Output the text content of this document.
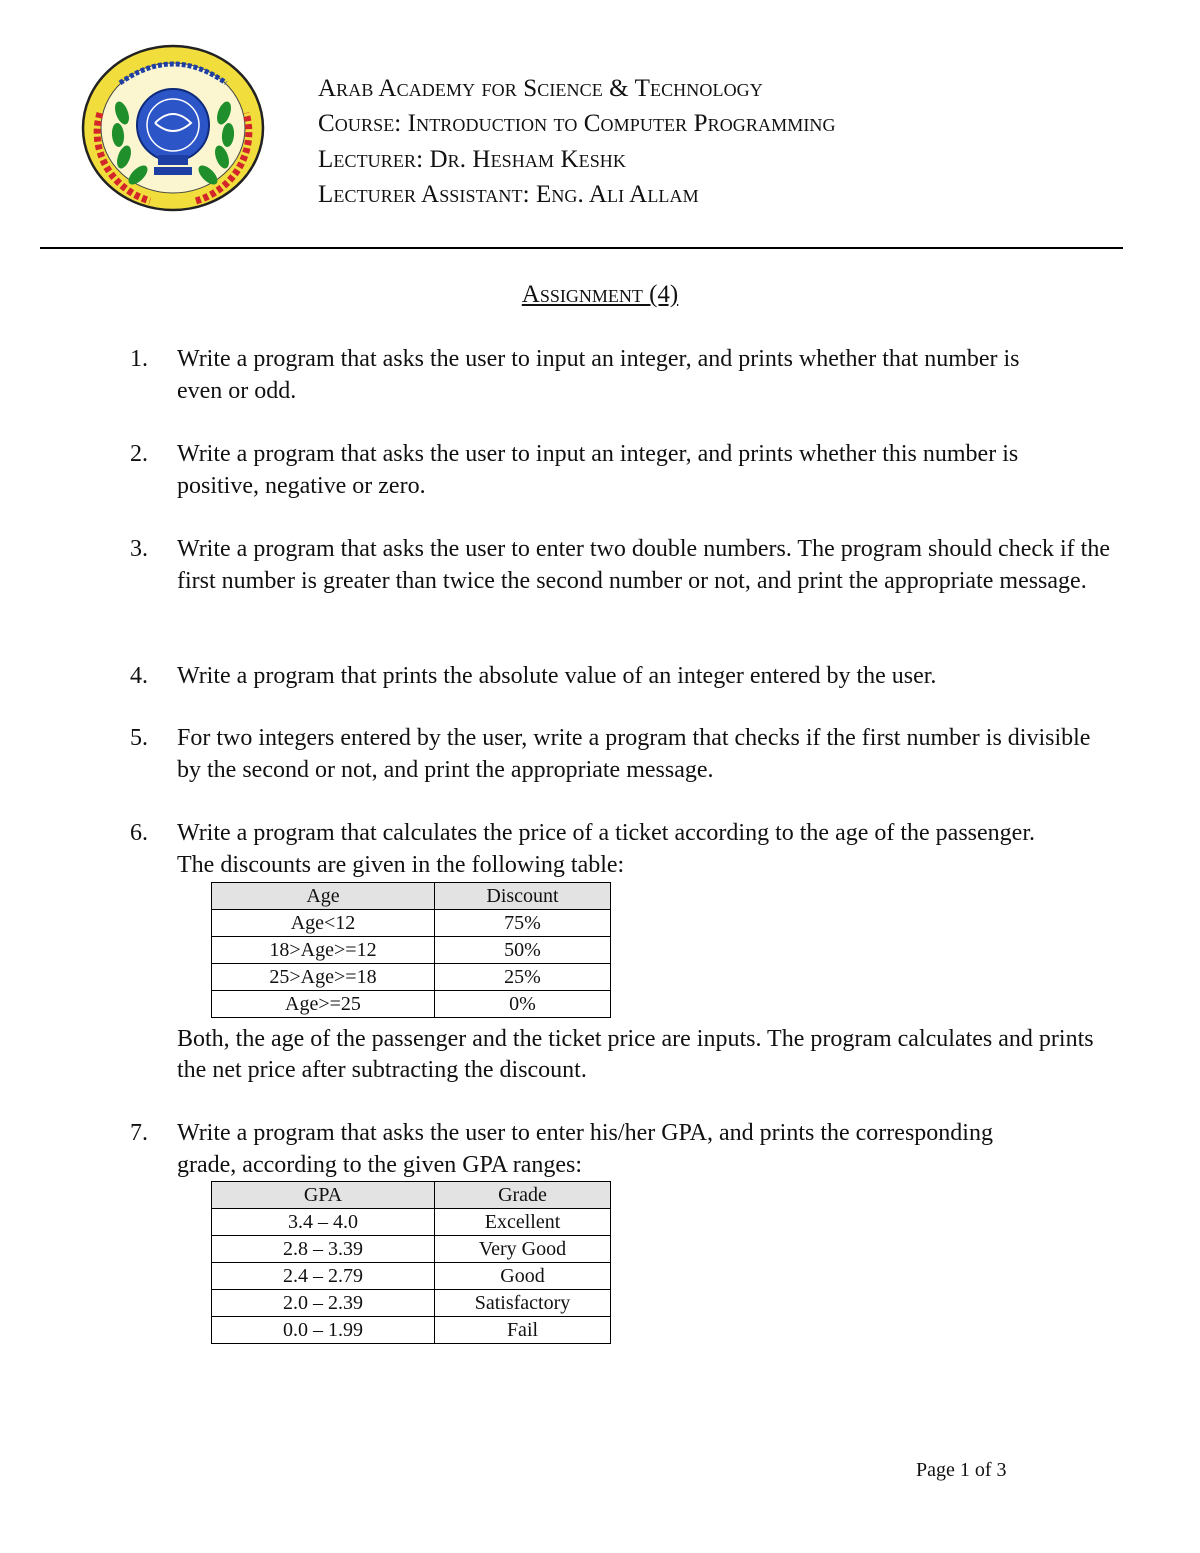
Arab Academy for Science & Technology
Course: Introduction to Computer Programming
Lecturer: Dr. Hesham Keshk
Lecturer Assistant: Eng. Ali Allam
Assignment (4)
1. Write a program that asks the user to input an integer, and prints whether that number is even or odd.
2. Write a program that asks the user to input an integer, and prints whether this number is positive, negative or zero.
3. Write a program that asks the user to enter two double numbers. The program should check if the first number is greater than twice the second number or not, and print the appropriate message.
4. Write a program that prints the absolute value of an integer entered by the user.
5. For two integers entered by the user, write a program that checks if the first number is divisible by the second or not, and print the appropriate message.
6. Write a program that calculates the price of a ticket according to the age of the passenger. The discounts are given in the following table:
Age	Discount
Age<12	75%
18>Age>=12	50%
25>Age>=18	25%
Age>=25	0%
Both, the age of the passenger and the ticket price are inputs. The program calculates and prints the net price after subtracting the discount.
7. Write a program that asks the user to enter his/her GPA, and prints the corresponding grade, according to the given GPA ranges:
GPA	Grade
3.4 – 4.0	Excellent
2.8 – 3.39	Very Good
2.4 – 2.79	Good
2.0 – 2.39	Satisfactory
0.0 – 1.99	Fail
Page 1 of 3
